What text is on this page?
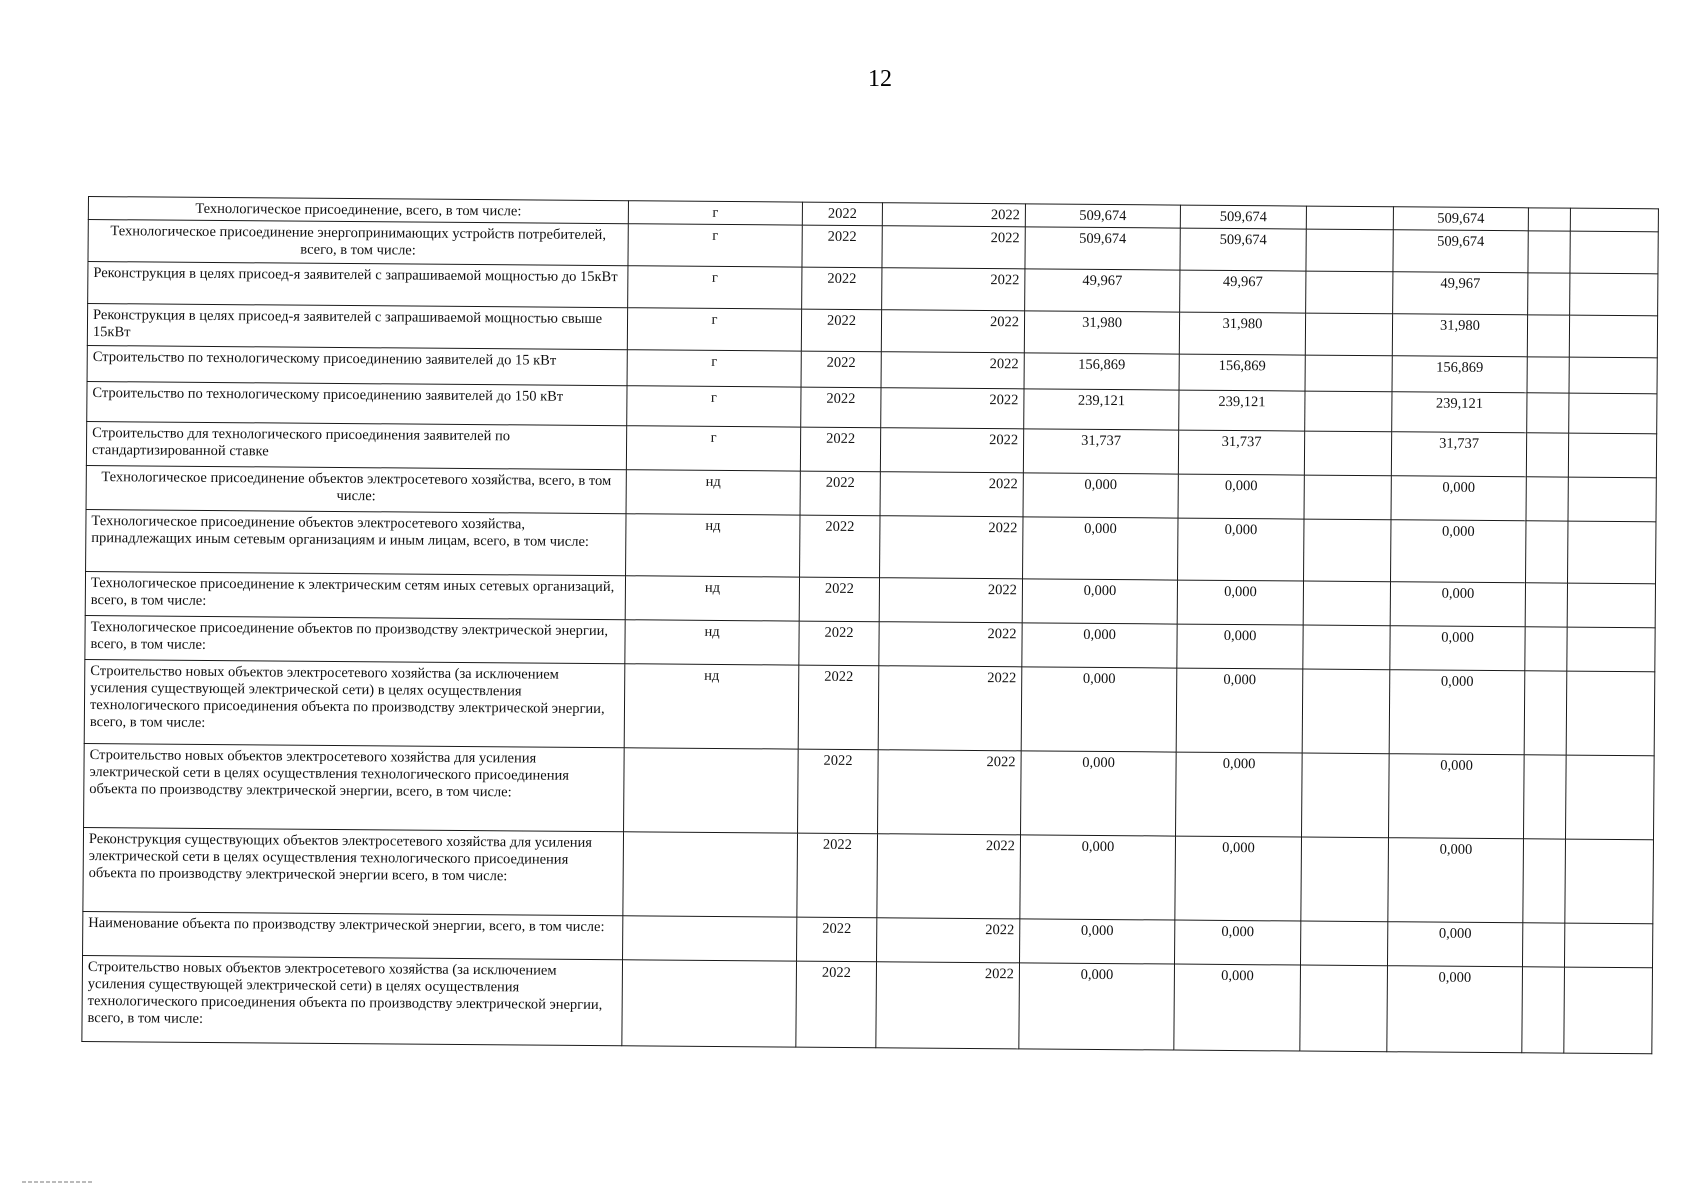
12
Технологическое присоединение, всего, в том числе:	г	2022	2022	509,674	509,674		509,674		
Технологическое присоединение энергопринимающих устройств потребителей, всего, в том числе:	г	2022	2022	509,674	509,674		509,674		
Реконструкция в целях присоед-я заявителей с запрашиваемой мощностью до 15кВт	г	2022	2022	49,967	49,967		49,967		
Реконструкция в целях присоед-я заявителей с запрашиваемой мощностью свыше 15кВт	г	2022	2022	31,980	31,980		31,980		
Строительство по технологическому присоединению заявителей до 15 кВт	г	2022	2022	156,869	156,869		156,869		
Строительство по технологическому присоединению заявителей до 150 кВт	г	2022	2022	239,121	239,121		239,121		
Строительство для технологического присоединения заявителей по стандартизированной ставке	г	2022	2022	31,737	31,737		31,737		
Технологическое присоединение объектов электросетевого хозяйства, всего, в том числе:	нд	2022	2022	0,000	0,000		0,000		
Технологическое присоединение объектов электросетевого хозяйства, принадлежащих иным сетевым организациям и иным лицам, всего, в том числе:	нд	2022	2022	0,000	0,000		0,000		
Технологическое присоединение к электрическим сетям иных сетевых организаций, всего, в том числе:	нд	2022	2022	0,000	0,000		0,000		
Технологическое присоединение объектов по производству электрической энергии, всего, в том числе:	нд	2022	2022	0,000	0,000		0,000		
Строительство новых объектов электросетевого хозяйства (за исключением усиления существующей электрической сети) в целях осуществления технологического присоединения объекта по производству электрической энергии, всего, в том числе:	нд	2022	2022	0,000	0,000		0,000		
Строительство новых объектов электросетевого хозяйства для усиления электрической сети в целях осуществления технологического присоединения объекта по производству электрической энергии, всего, в том числе:		2022	2022	0,000	0,000		0,000		
Реконструкция существующих объектов электросетевого хозяйства для усиления электрической сети в целях осуществления технологического присоединения объекта по производству электрической энергии всего, в том числе:		2022	2022	0,000	0,000		0,000		
Наименование объекта по производству электрической энергии, всего, в том числе:		2022	2022	0,000	0,000		0,000		
Строительство новых объектов электросетевого хозяйства (за исключением усиления существующей электрической сети) в целях осуществления технологического присоединения объекта по производству электрической энергии, всего, в том числе:		2022	2022	0,000	0,000		0,000		
